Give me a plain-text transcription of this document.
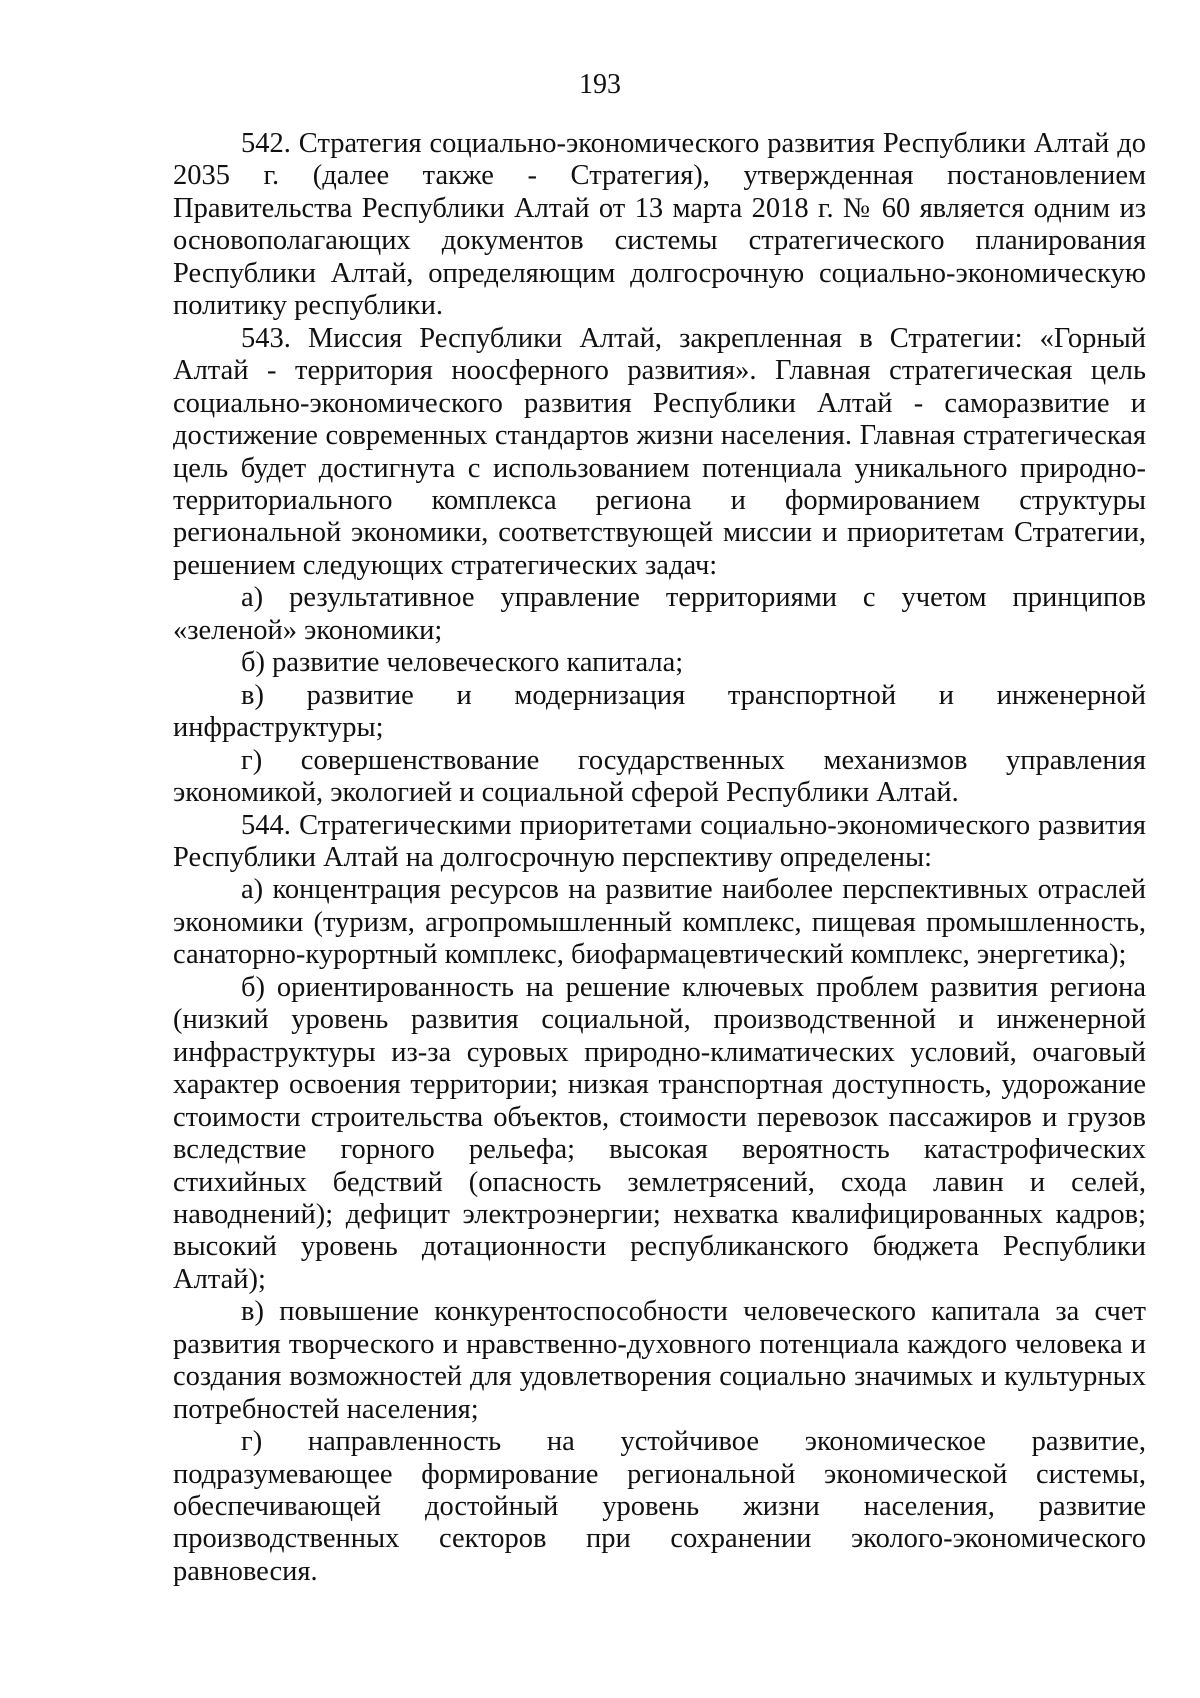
193

542. Стратегия социально-экономического развития Республики Алтай до 2035 г. (далее также - Стратегия), утвержденная постановлением Правительства Республики Алтай от 13 марта 2018 г. № 60 является одним из основополагающих документов системы стратегического планирования Республики Алтай, определяющим долгосрочную социально-экономическую политику республики.

543. Миссия Республики Алтай, закрепленная в Стратегии: «Горный Алтай - территория ноосферного развития». Главная стратегическая цель социально-экономического развития Республики Алтай - саморазвитие и достижение современных стандартов жизни населения. Главная стратегическая цель будет достигнута с использованием потенциала уникального природно-территориального комплекса региона и формированием структуры региональной экономики, соответствующей миссии и приоритетам Стратегии, решением следующих стратегических задач:

а) результативное управление территориями с учетом принципов «зеленой» экономики;

б) развитие человеческого капитала;

в) развитие и модернизация транспортной и инженерной инфраструктуры;

г) совершенствование государственных механизмов управления экономикой, экологией и социальной сферой Республики Алтай.

544. Стратегическими приоритетами социально-экономического развития Республики Алтай на долгосрочную перспективу определены:

а) концентрация ресурсов на развитие наиболее перспективных отраслей экономики (туризм, агропромышленный комплекс, пищевая промышленность, санаторно-курортный комплекс, биофармацевтический комплекс, энергетика);

б) ориентированность на решение ключевых проблем развития региона (низкий уровень развития социальной, производственной и инженерной инфраструктуры из-за суровых природно-климатических условий, очаговый характер освоения территории; низкая транспортная доступность, удорожание стоимости строительства объектов, стоимости перевозок пассажиров и грузов вследствие горного рельефа; высокая вероятность катастрофических стихийных бедствий (опасность землетрясений, схода лавин и селей, наводнений); дефицит электроэнергии; нехватка квалифицированных кадров; высокий уровень дотационности республиканского бюджета Республики Алтай);

в) повышение конкурентоспособности человеческого капитала за счет развития творческого и нравственно-духовного потенциала каждого человека и создания возможностей для удовлетворения социально значимых и культурных потребностей населения;

г) направленность на устойчивое экономическое развитие, подразумевающее формирование региональной экономической системы, обеспечивающей достойный уровень жизни населения, развитие производственных секторов при сохранении эколого-экономического равновесия.
